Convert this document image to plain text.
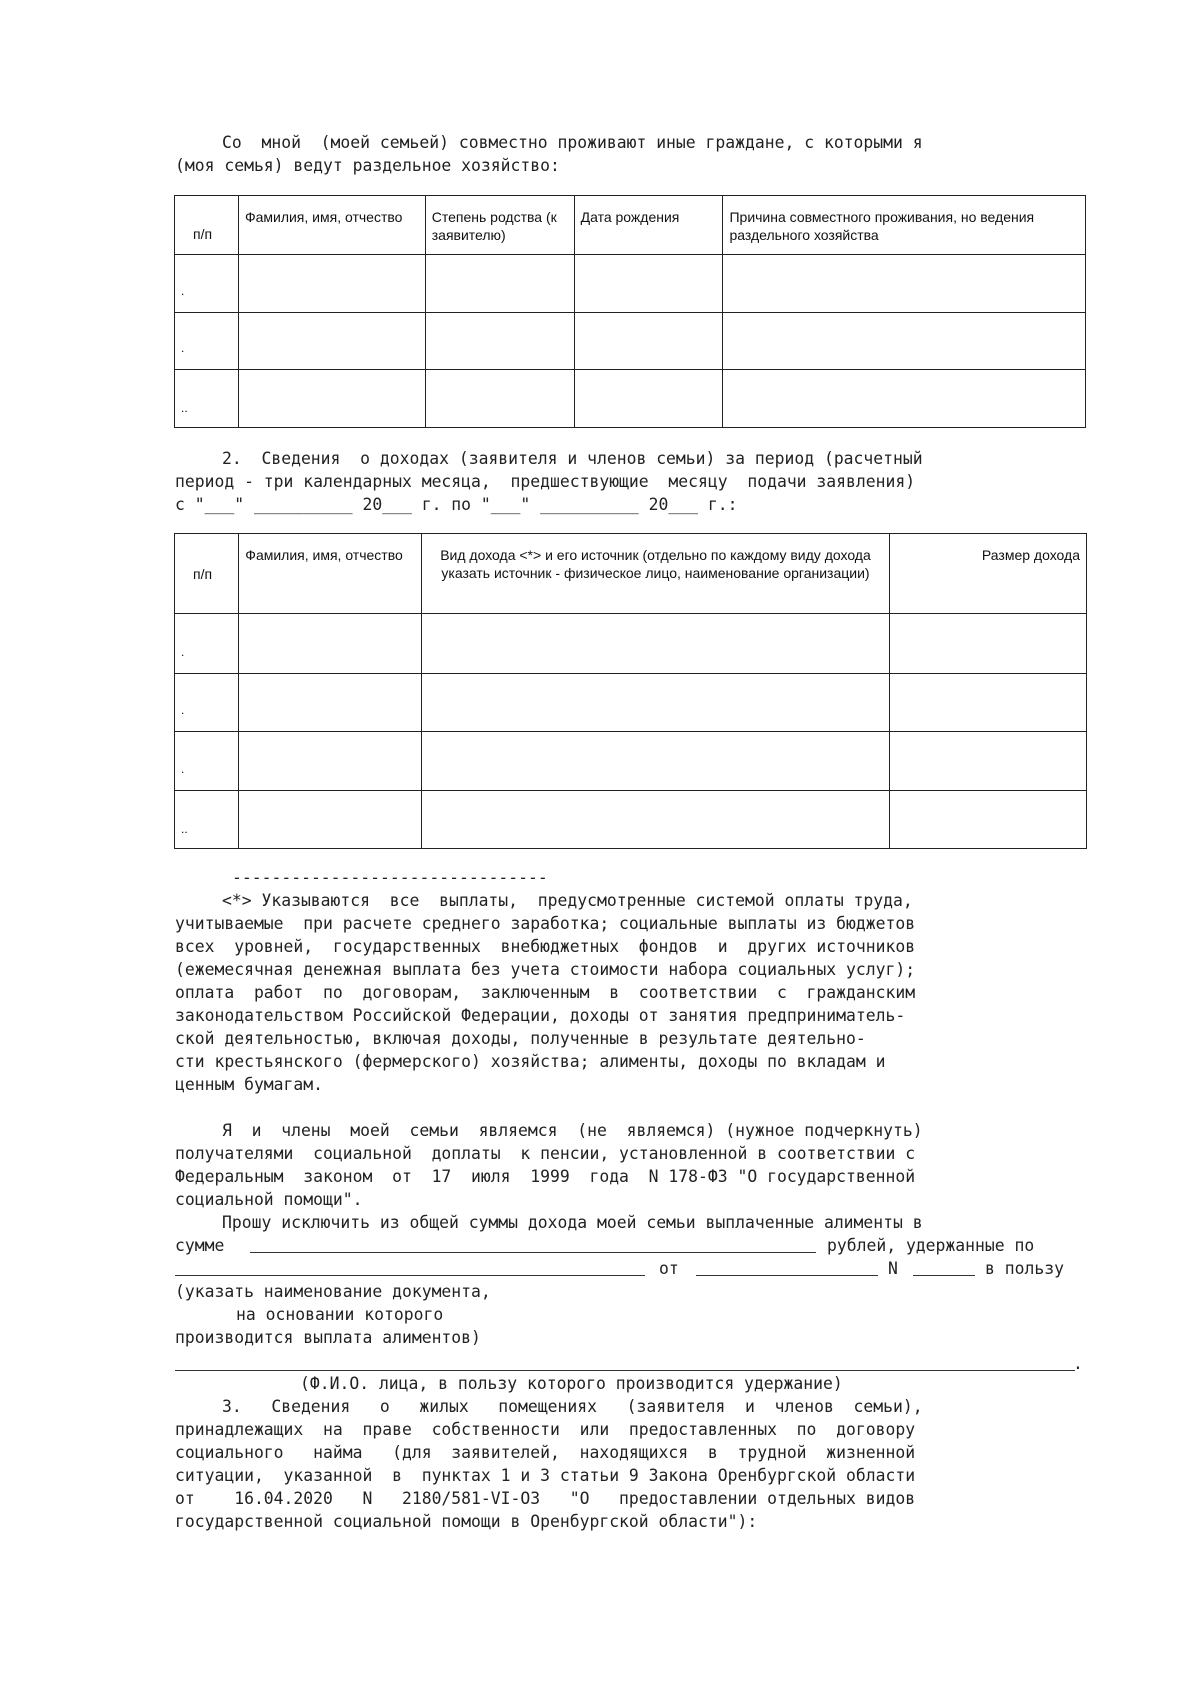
Со  мной  (моей семьей) совместно проживают иные граждане, с которыми я
(моя семья) ведут раздельное хозяйство:
п/п	Фамилия, имя, отчество	Степень родства (к заявителю)	Дата рождения	Причина совместного проживания, но ведения раздельного хозяйства

.				

.				

..				

2.  Сведения  о доходах (заявителя и членов семьи) за период (расчетный
период - три календарных месяца,  предшествующие  месяцу  подачи заявления)
с "___" __________ 20___ г. по "___" __________ 20___ г.:
п/п	Фамилия, имя, отчество	Вид дохода <*> и его источник (отдельно по каждому виду дохода указать источник - физическое лицо, наименование организации)	Размер дохода

.			

.			

.			

..			

--------------------------------
<*> Указываются  все  выплаты,  предусмотренные системой оплаты труда,
учитываемые  при расчете среднего заработка; социальные выплаты из бюджетов
всех  уровней,  государственных  внебюджетных  фондов  и  других источников
(ежемесячная денежная выплата без учета стоимости набора социальных услуг);
оплата  работ  по  договорам,  заключенным  в  соответствии  с  гражданским
законодательством Российской Федерации, доходы от занятия предприниматель-
ской деятельностью, включая доходы, полученные в результате деятельно-
сти крестьянского (фермерского) хозяйства; алименты, доходы по вкладам и
ценным бумагам.
Я  и  члены  моей  семьи  являемся  (не  являемся) (нужное подчеркнуть)
получателями  социальной  доплаты  к пенсии, установленной в соответствии с
Федеральным  законом  от  17  июля  1999  года  N 178-ФЗ "О государственной
социальной помощи".
Прошу исключить из общей суммы дохода моей семьи выплаченные алименты в
сумме	рублей, удержанные по
от	N	в пользу
(указать наименование документа,
на основании которого
производится выплата алиментов)
.
(Ф.И.О. лица, в пользу которого производится удержание)
3.   Сведения   о   жилых   помещениях   (заявителя  и  членов  семьи),
принадлежащих  на  праве  собственности  или  предоставленных  по  договору
социального   найма   (для  заявителей,  находящихся  в  трудной  жизненной
ситуации,  указанной  в  пунктах 1 и 3 статьи 9 Закона Оренбургской области
от    16.04.2020   N   2180/581-VI-ОЗ   "О   предоставлении отдельных видов
государственной социальной помощи в Оренбургской области"):
